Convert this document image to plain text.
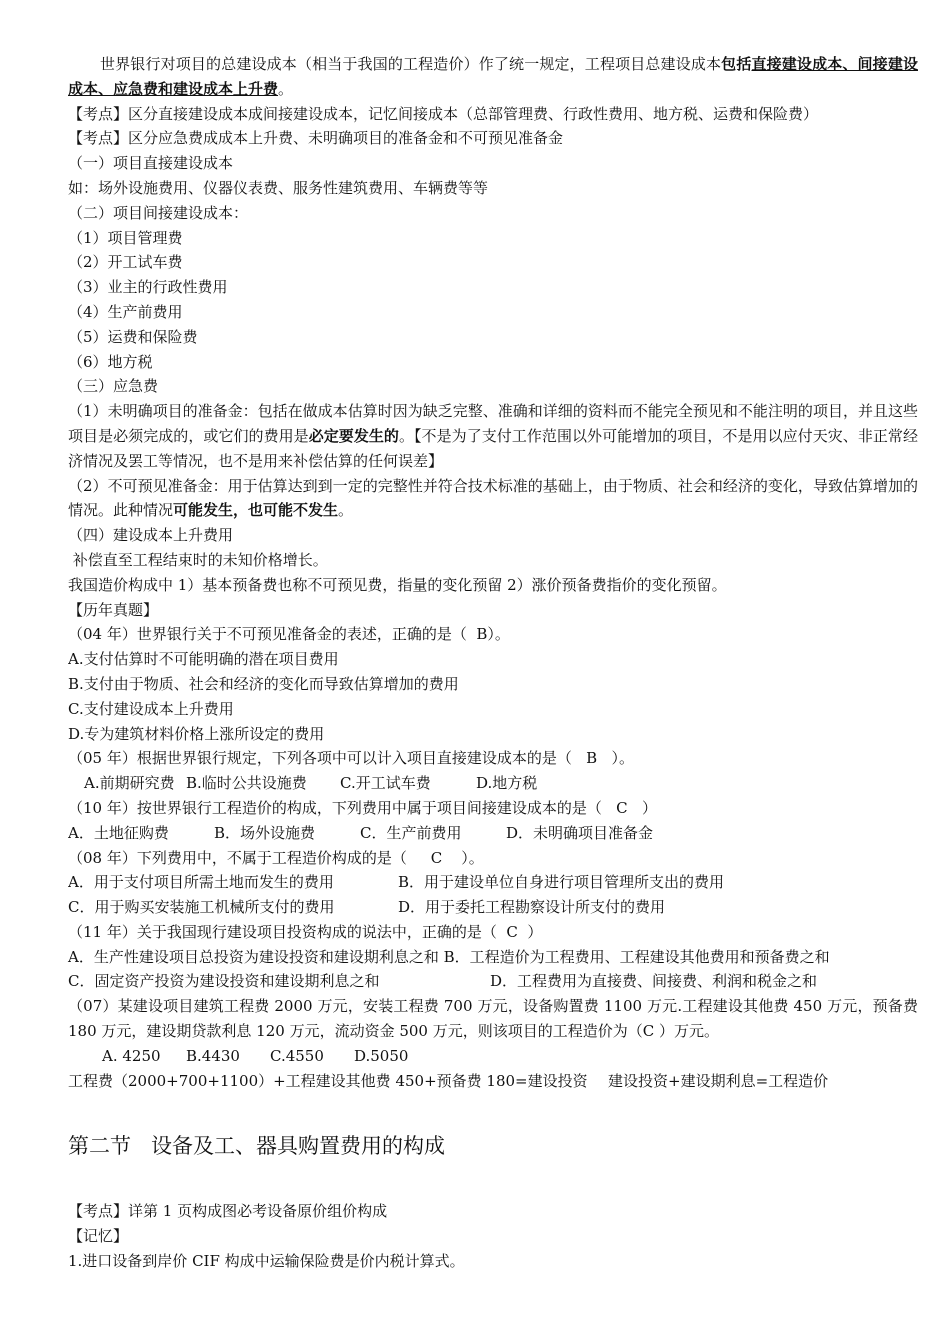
世界银行对项目的总建设成本（相当于我国的工程造价）作了统一规定，工程项目总建设成本包括直接建设成本、间接建设成本、应急费和建设成本上升费。
【考点】区分直接建设成本成间接建设成本，记忆间接成本（总部管理费、行政性费用、地方税、运费和保险费）
【考点】区分应急费成成本上升费、未明确项目的准备金和不可预见准备金
（一）项目直接建设成本
如：场外设施费用、仪器仪表费、服务性建筑费用、车辆费等等
（二）项目间接建设成本：
（1）项目管理费
（2）开工试车费
（3）业主的行政性费用
（4）生产前费用
（5）运费和保险费
（6）地方税
（三）应急费
（1）未明确项目的准备金：包括在做成本估算时因为缺乏完整、准确和详细的资料而不能完全预见和不能注明的项目，并且这些项目是必须完成的，或它们的费用是必定要发生的。【不是为了支付工作范围以外可能增加的项目，不是用以应付天灾、非正常经济情况及罢工等情况，也不是用来补偿估算的任何误差】
（2）不可预见准备金：用于估算达到到一定的完整性并符合技术标准的基础上，由于物质、社会和经济的变化，导致估算增加的情况。此种情况可能发生，也可能不发生。
（四）建设成本上升费用
补偿直至工程结束时的未知价格增长。
我国造价构成中 1）基本预备费也称不可预见费，指量的变化预留 2）涨价预备费指价的变化预留。
【历年真题】
（04 年）世界银行关于不可预见准备金的表述，正确的是（  B）。
A.支付估算时不可能明确的潜在项目费用
B.支付由于物质、社会和经济的变化而导致估算增加的费用
C.支付建设成本上升费用
D.专为建筑材料价格上涨所设定的费用
（05 年）根据世界银行规定，下列各项中可以计入项目直接建设成本的是（   B   ）。
A.前期研究费 B.临时公共设施费 C.开工试车费	D.地方税
（10 年）按世界银行工程造价的构成，下列费用中属于项目间接建设成本的是（   C   ）
A．土地征购费	B．场外设施费	C．生产前费用	D．未明确项目准备金
（08 年）下列费用中，不属于工程造价构成的是（     C    ）。
A．用于支付项目所需土地而发生的费用	B．用于建设单位自身进行项目管理所支出的费用
C．用于购买安装施工机械所支付的费用	D．用于委托工程勘察设计所支付的费用
（11 年）关于我国现行建设项目投资构成的说法中，正确的是（  C  ）
A．生产性建设项目总投资为建设投资和建设期利息之和 B．工程造价为工程费用、工程建设其他费用和预备费之和
C．固定资产投资为建设投资和建设期利息之和	D．工程费用为直接费、间接费、利润和税金之和
（07）某建设项目建筑工程费 2000 万元，安装工程费 700 万元，设备购置费 1100 万元.工程建设其他费 450 万元，预备费 180 万元，建设期贷款利息 120 万元，流动资金 500 万元，则该项目的工程造价为（C ）万元。
A. 4250 B.4430 C.4550 D.5050
工程费（2000+700+1100）+工程建设其他费 450+预备费 180=建设投资 建设投资+建设期利息=工程造价
第二节   设备及工、器具购置费用的构成
【考点】详第 1 页构成图必考设备原价组价构成
【记忆】
1.进口设备到岸价 CIF 构成中运输保险费是价内税计算式。
